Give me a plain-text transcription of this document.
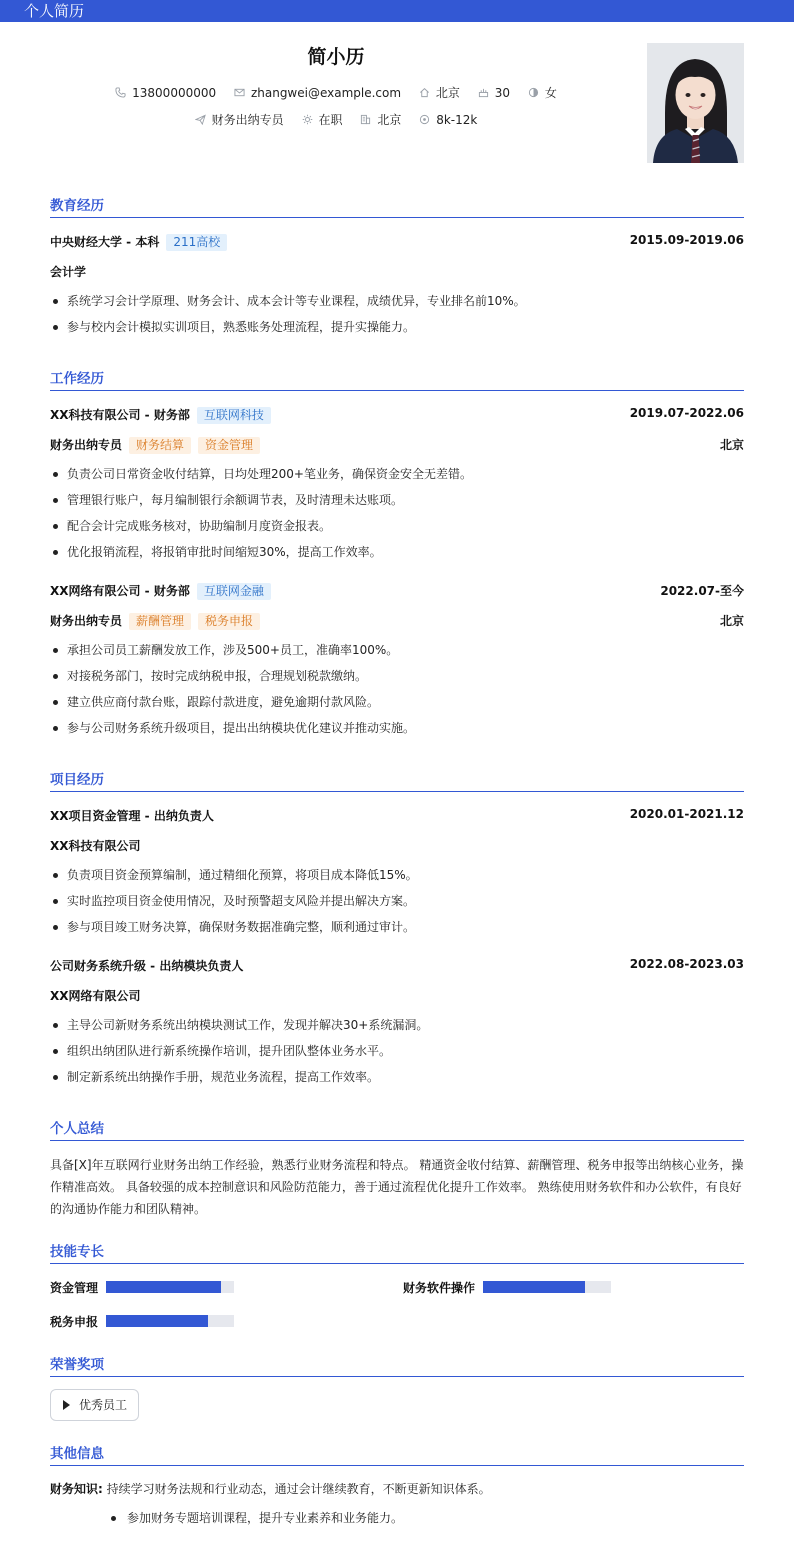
个人简历
简小历
13800000000	zhangwei@example.com	北京	30	女
财务出纳专员	在职	北京	8k-12k
教育经历
中央财经大学 - 本科 211高校	2015.09-2019.06
会计学
系统学习会计学原理、财务会计、成本会计等专业课程，成绩优异，专业排名前10%。
参与校内会计模拟实训项目，熟悉账务处理流程，提升实操能力。
工作经历
XX科技有限公司 - 财务部 互联网科技	2019.07-2022.06
财务出纳专员 财务结算 资金管理	北京
负责公司日常资金收付结算，日均处理200+笔业务，确保资金安全无差错。
管理银行账户，每月编制银行余额调节表，及时清理未达账项。
配合会计完成账务核对，协助编制月度资金报表。
优化报销流程，将报销审批时间缩短30%，提高工作效率。
XX网络有限公司 - 财务部 互联网金融	2022.07-至今
财务出纳专员 薪酬管理 税务申报	北京
承担公司员工薪酬发放工作，涉及500+员工，准确率100%。
对接税务部门，按时完成纳税申报，合理规划税款缴纳。
建立供应商付款台账，跟踪付款进度，避免逾期付款风险。
参与公司财务系统升级项目，提出出纳模块优化建议并推动实施。
项目经历
XX项目资金管理 - 出纳负责人	2020.01-2021.12
XX科技有限公司
负责项目资金预算编制，通过精细化预算，将项目成本降低15%。
实时监控项目资金使用情况，及时预警超支风险并提出解决方案。
参与项目竣工财务决算，确保财务数据准确完整，顺利通过审计。
公司财务系统升级 - 出纳模块负责人	2022.08-2023.03
XX网络有限公司
主导公司新财务系统出纳模块测试工作，发现并解决30+系统漏洞。
组织出纳团队进行新系统操作培训，提升团队整体业务水平。
制定新系统出纳操作手册，规范业务流程，提高工作效率。
个人总结
具备[X]年互联网行业财务出纳工作经验，熟悉行业财务流程和特点。 精通资金收付结算、薪酬管理、税务申报等出纳核心业务，操作精准高效。 具备较强的成本控制意识和风险防范能力，善于通过流程优化提升工作效率。 熟练使用财务软件和办公软件，有良好的沟通协作能力和团队精神。
技能专长
资金管理	财务软件操作
税务申报
荣誉奖项
优秀员工
其他信息
财务知识: 持续学习财务法规和行业动态，通过会计继续教育，不断更新知识体系。
参加财务专题培训课程，提升专业素养和业务能力。
